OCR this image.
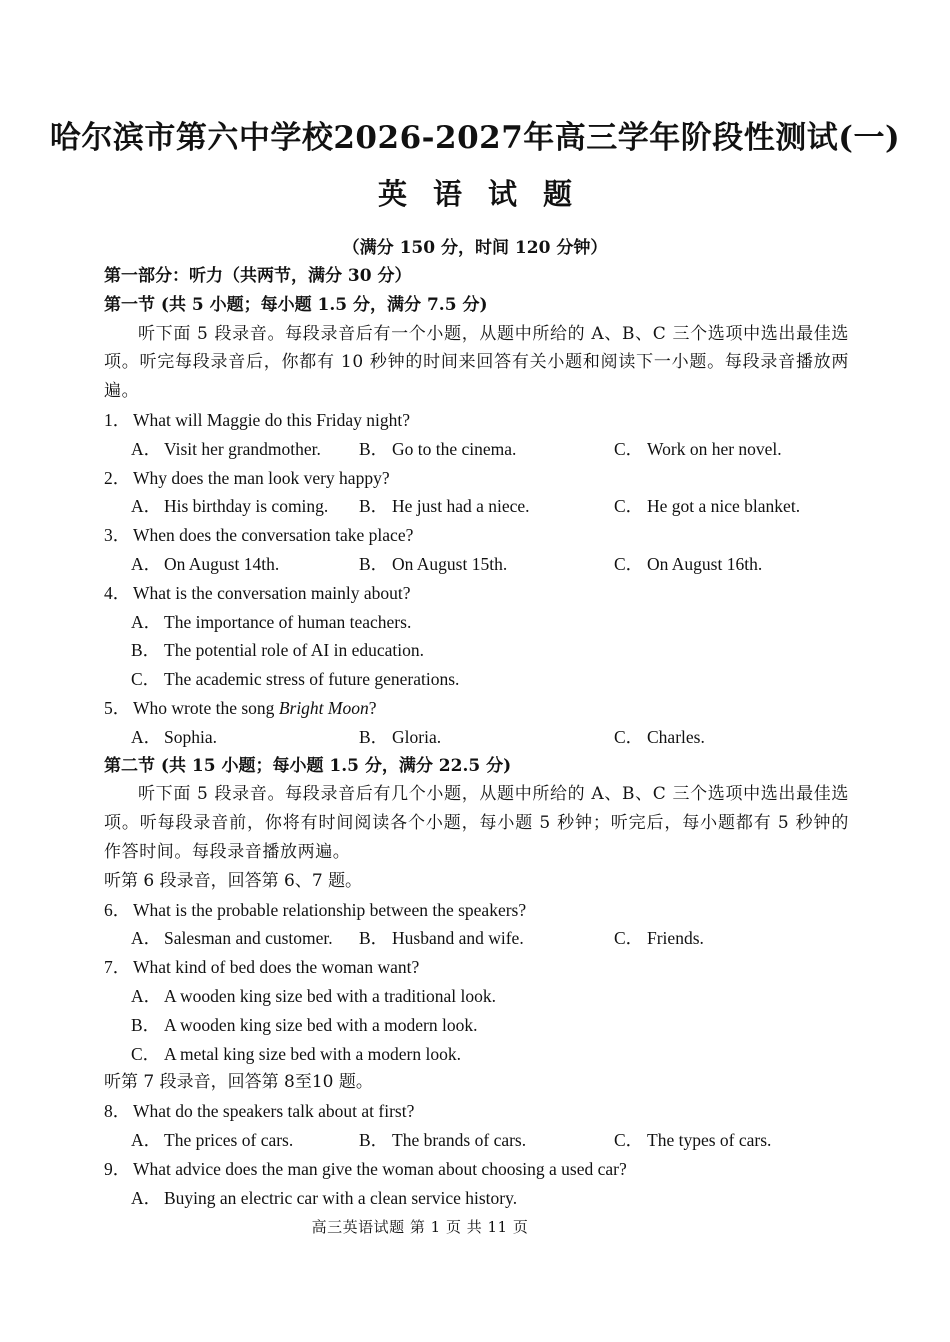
哈尔滨市第六中学校2026-2027年高三学年阶段性测试(一)
英语试题
（满分 150 分，时间 120 分钟）
第一部分：听力（共两节，满分 30 分）
第一节 (共 5 小题；每小题 1.5 分，满分 7.5 分)
听下面 5 段录音。每段录音后有一个小题，从题中所给的 A、B、C 三个选项中选出最佳选项。听完每段录音后，你都有 10 秒钟的时间来回答有关小题和阅读下一小题。每段录音播放两遍。
1． What will Maggie do this Friday night?
A． Visit her grandmother.	B． Go to the cinema.	C． Work on her novel.
2． Why does the man look very happy?
A． His birthday is coming.	B． He just had a niece.	C． He got a nice blanket.
3． When does the conversation take place?
A． On August 14th.	B． On August 15th.	C． On August 16th.
4． What is the conversation mainly about?
A． The importance of human teachers.
B． The potential role of AI in education.
C． The academic stress of future generations.
5． Who wrote the song Bright Moon?
A． Sophia.	B． Gloria.	C． Charles.
第二节 (共 15 小题；每小题 1.5 分，满分 22.5 分)
听下面 5 段录音。每段录音后有几个小题，从题中所给的 A、B、C 三个选项中选出最佳选项。听每段录音前，你将有时间阅读各个小题，每小题 5 秒钟；听完后，每小题都有 5 秒钟的作答时间。每段录音播放两遍。
听第 6 段录音，回答第 6、7 题。
6． What is the probable relationship between the speakers?
A． Salesman and customer.	B． Husband and wife.	C． Friends.
7． What kind of bed does the woman want?
A． A wooden king size bed with a traditional look.
B． A wooden king size bed with a modern look.
C． A metal king size bed with a modern look.
听第 7 段录音，回答第 8至10 题。
8． What do the speakers talk about at first?
A． The prices of cars.	B． The brands of cars.	C． The types of cars.
9． What advice does the man give the woman about choosing a used car?
A． Buying an electric car with a clean service history.
高三英语试题 第 1 页 共 11 页
